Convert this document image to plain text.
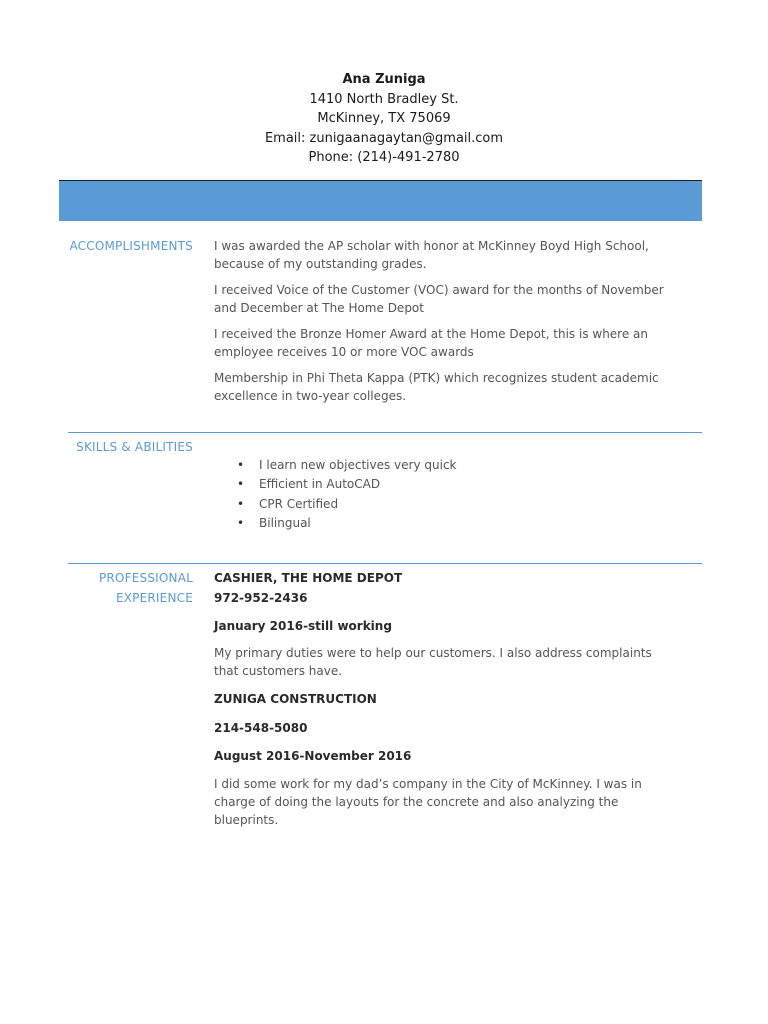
Ana Zuniga
1410 North Bradley St.
McKinney, TX 75069
Email: zunigaanagaytan@gmail.com
Phone: (214)-491-2780
ACCOMPLISHMENTS I was awarded the AP scholar with honor at McKinney Boyd High School, because of my outstanding grades.

I received Voice of the Customer (VOC) award for the months of November and December at The Home Depot

I received the Bronze Homer Award at the Home Depot, this is where an employee receives 10 or more VOC awards

Membership in Phi Theta Kappa (PTK) which recognizes student academic excellence in two-year colleges.

SKILLS & ABILITIES
• I learn new objectives very quick
• Efficient in AutoCAD
• CPR Certified
• Bilingual
PROFESSIONAL
EXPERIENCE
CASHIER, THE HOME DEPOT
972-952-2436
January 2016-still working
My primary duties were to help our customers. I also address complaints that customers have.
ZUNIGA CONSTRUCTION
214-548-5080
August 2016-November 2016
I did some work for my dad’s company in the City of McKinney. I was in charge of doing the layouts for the concrete and also analyzing the blueprints.
